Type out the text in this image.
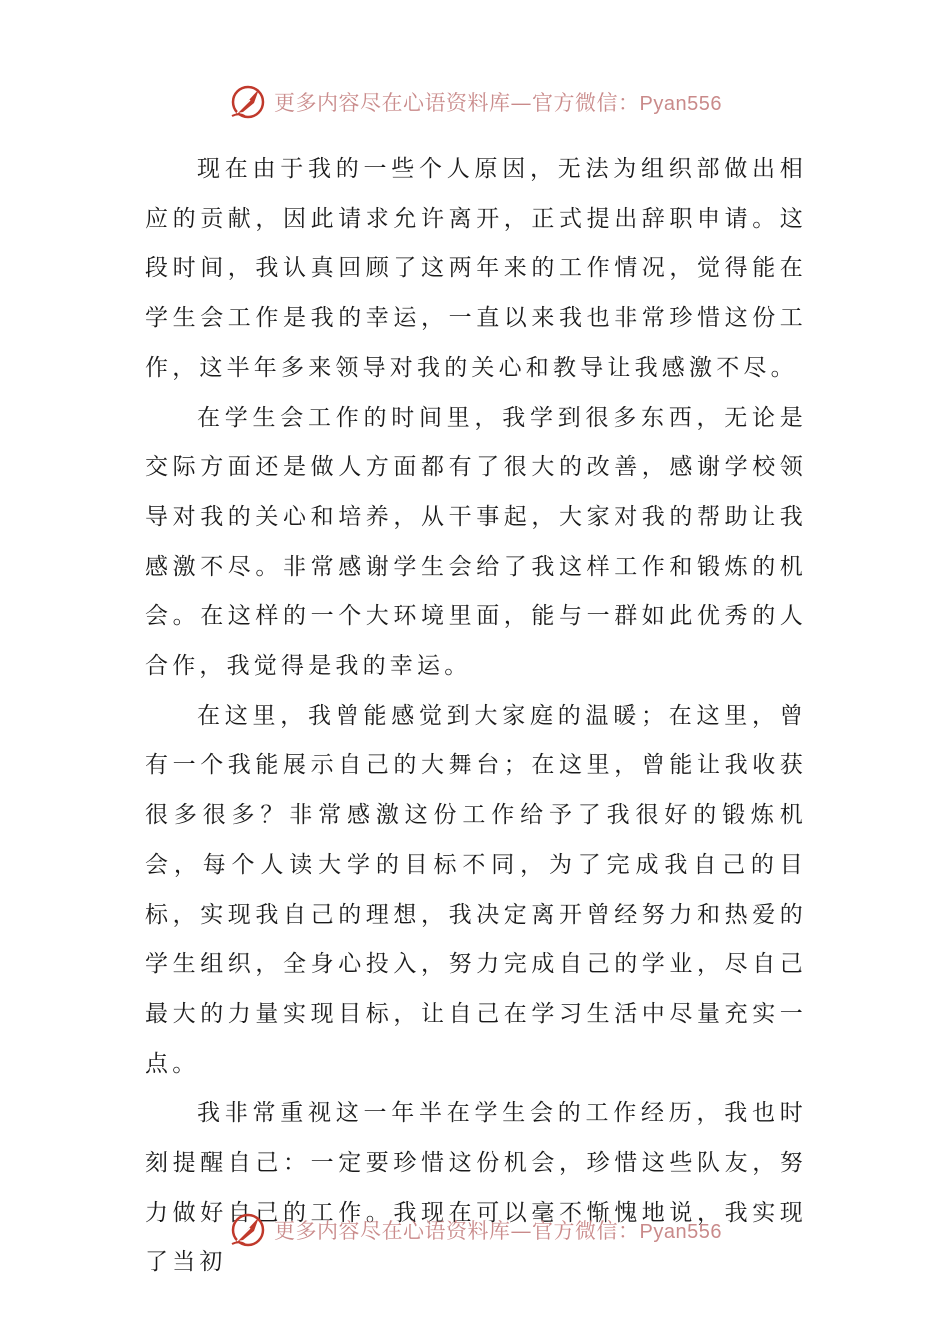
更多内容尽在心语资料库—官方微信：Pyan556

现在由于我的一些个人原因，无法为组织部做出相应的贡献，因此请求允许离开，正式提出辞职申请。这段时间，我认真回顾了这两年来的工作情况，觉得能在学生会工作是我的幸运，一直以来我也非常珍惜这份工作，这半年多来领导对我的关心和教导让我感激不尽。

在学生会工作的时间里，我学到很多东西，无论是交际方面还是做人方面都有了很大的改善，感谢学校领导对我的关心和培养，从干事起，大家对我的帮助让我感激不尽。非常感谢学生会给了我这样工作和锻炼的机会。在这样的一个大环境里面，能与一群如此优秀的人合作，我觉得是我的幸运。

在这里，我曾能感觉到大家庭的温暖；在这里，曾有一个我能展示自己的大舞台；在这里，曾能让我收获很多很多？非常感激这份工作给予了我很好的锻炼机会，每个人读大学的目标不同，为了完成我自己的目标，实现我自己的理想，我决定离开曾经努力和热爱的学生组织，全身心投入，努力完成自己的学业，尽自己最大的力量实现目标，让自己在学习生活中尽量充实一点。

我非常重视这一年半在学生会的工作经历，我也时刻提醒自己：一定要珍惜这份机会，珍惜这些队友，努力做好自己的工作。我现在可以毫不惭愧地说，我实现了当初

更多内容尽在心语资料库—官方微信：Pyan556
